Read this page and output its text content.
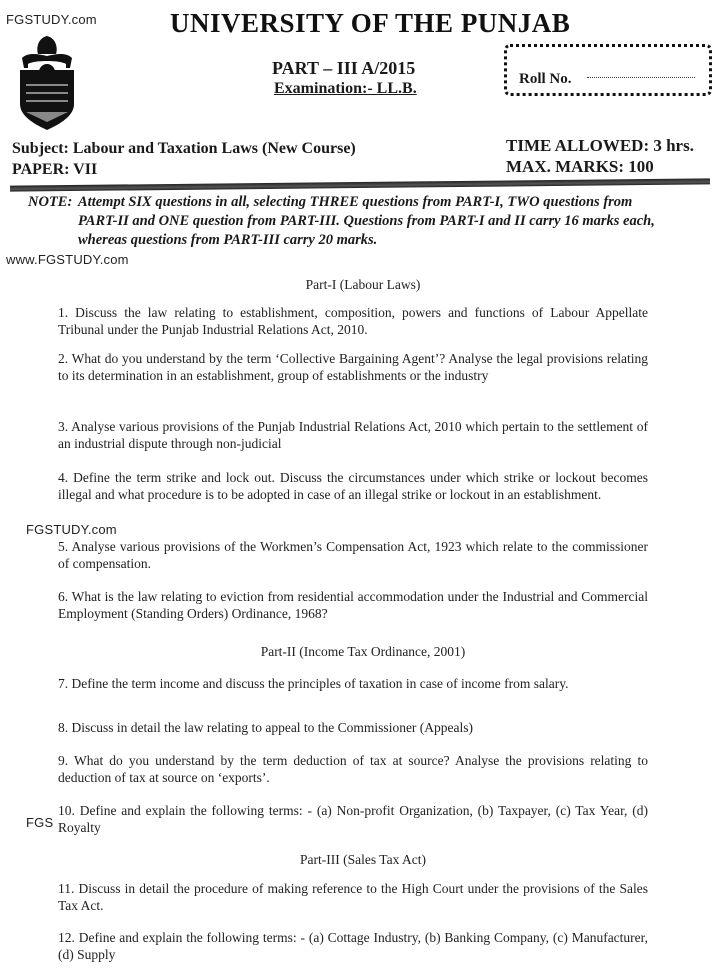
FGSTUDY.com
www.FGSTUDY.com
FGSTUDY.com
FGS
UNIVERSITY OF THE PUNJAB
PART – III A/2015
Examination:- LL.B.
Roll No.
Subject: Labour and Taxation Laws (New Course)
PAPER: VII
TIME ALLOWED: 3 hrs.
MAX. MARKS: 100
NOTE: Attempt SIX questions in all, selecting THREE questions from PART-I, TWO questions from PART-II and ONE question from PART-III. Questions from PART-I and II carry 16 marks each, whereas questions from PART-III carry 20 marks.
Part-I (Labour Laws)
1. Discuss the law relating to establishment, composition, powers and functions of Labour Appellate Tribunal under the Punjab Industrial Relations Act, 2010.
2. What do you understand by the term ‘Collective Bargaining Agent’? Analyse the legal provisions relating to its determination in an establishment, group of establishments or the industry
3. Analyse various provisions of the Punjab Industrial Relations Act, 2010 which pertain to the settlement of an industrial dispute through non-judicial
4. Define the term strike and lock out. Discuss the circumstances under which strike or lockout becomes illegal and what procedure is to be adopted in case of an illegal strike or lockout in an establishment.
5. Analyse various provisions of the Workmen’s Compensation Act, 1923 which relate to the commissioner of compensation.
6. What is the law relating to eviction from residential accommodation under the Industrial and Commercial Employment (Standing Orders) Ordinance, 1968?
Part-II (Income Tax Ordinance, 2001)
7. Define the term income and discuss the principles of taxation in case of income from salary.
8. Discuss in detail the law relating to appeal to the Commissioner (Appeals)
9. What do you understand by the term deduction of tax at source? Analyse the provisions relating to deduction of tax at source on ‘exports’.
10. Define and explain the following terms: - (a) Non-profit Organization, (b) Taxpayer, (c) Tax Year, (d) Royalty
Part-III (Sales Tax Act)
11. Discuss in detail the procedure of making reference to the High Court under the provisions of the Sales Tax Act.
12. Define and explain the following terms: - (a) Cottage Industry, (b) Banking Company, (c) Manufacturer, (d) Supply
